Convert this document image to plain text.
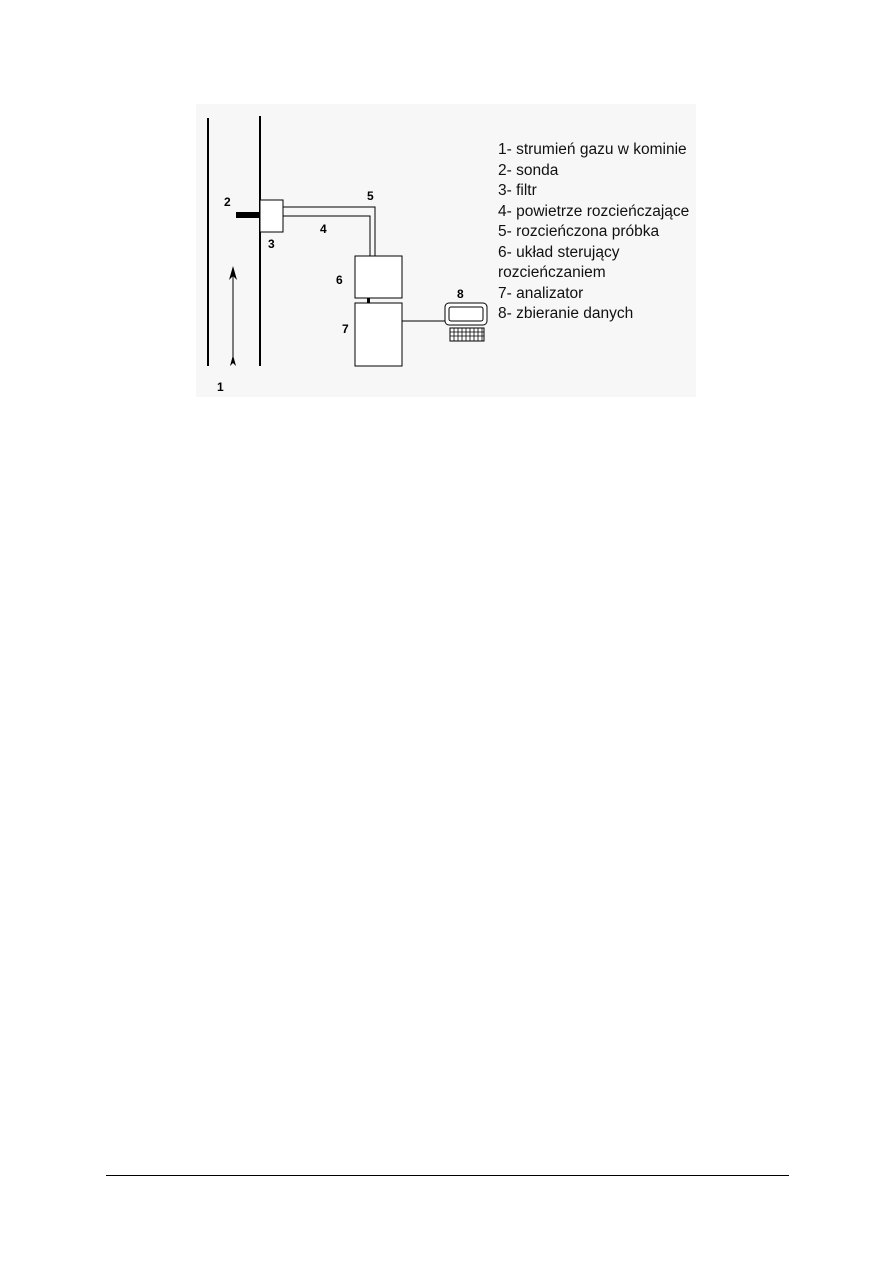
1
2
3
4
5
6
7
8
1- strumień gazu w kominie
2- sonda
3- filtr
4- powietrze rozcieńczające
5- rozcieńczona próbka
6- układ sterujący rozcieńczaniem
7- analizator
8- zbieranie danych
